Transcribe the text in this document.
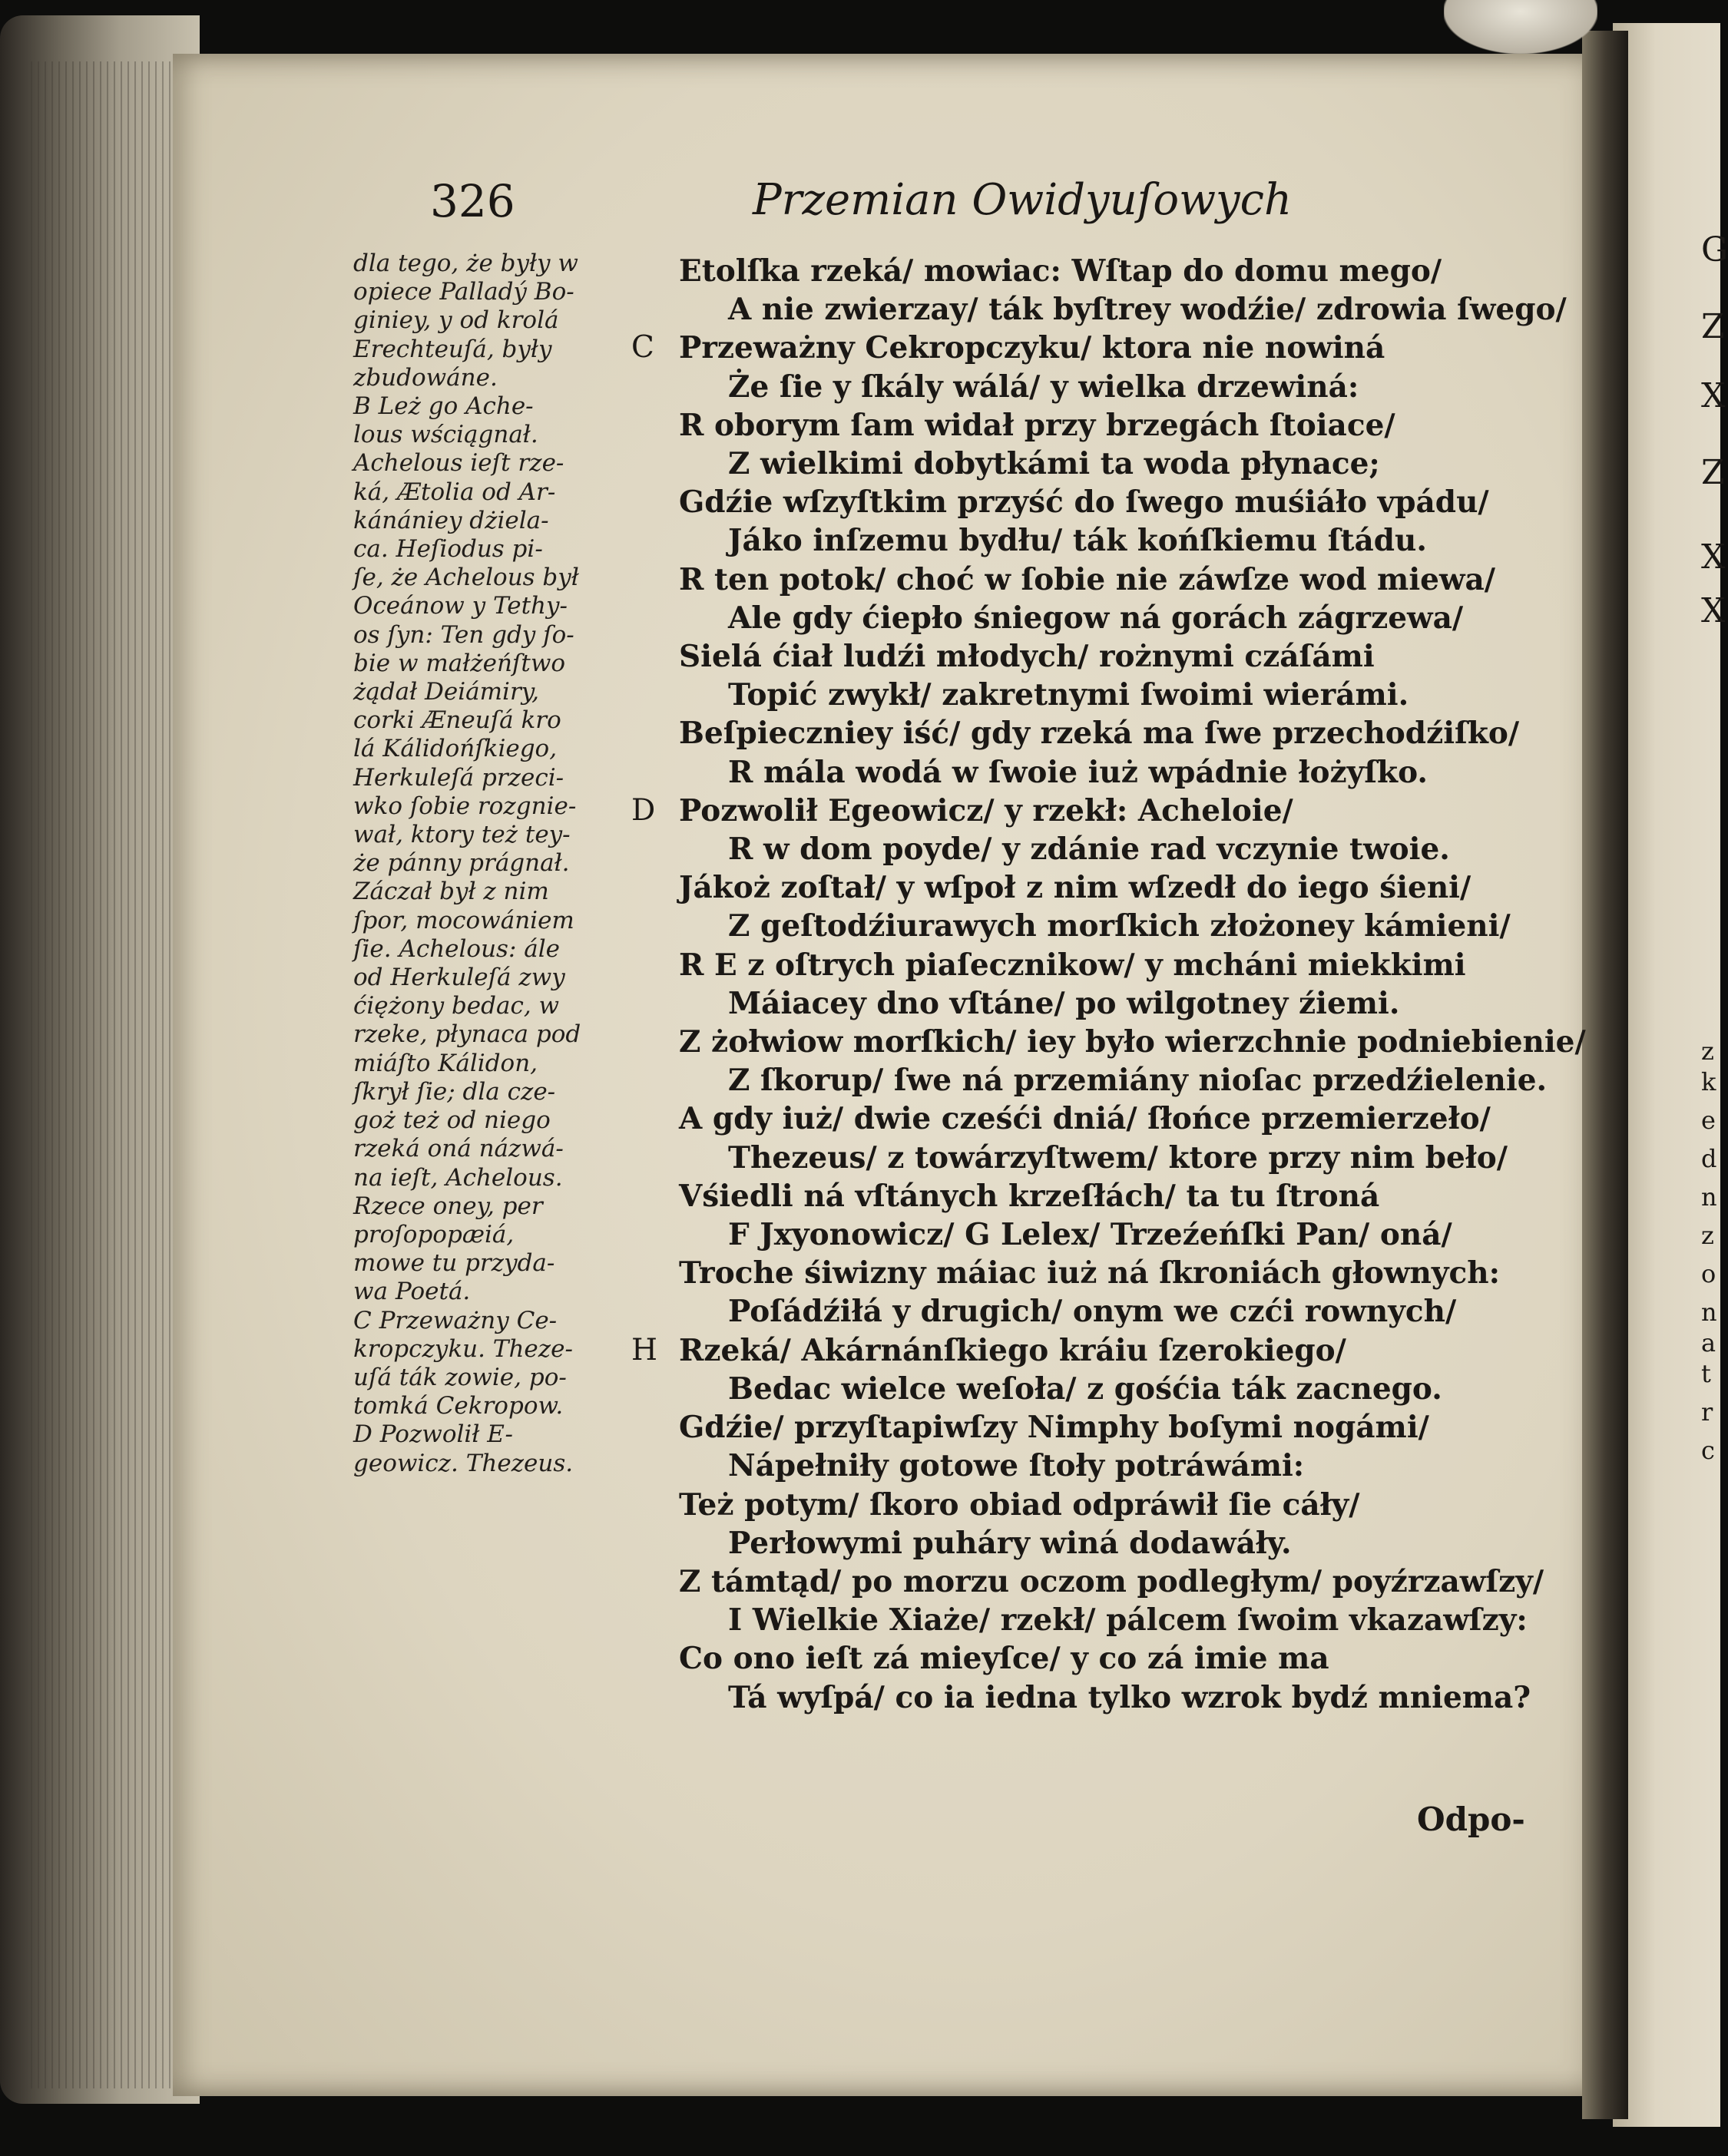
326	Przemian Owidyuſowych
dla tego, że były w
opiece Palladý Bo-
giniey, y od krolá
Erechteuſá, były
zbudowáne.
B Leż go Ache-
lous wściągnał.
Achelous ieſt rze-
ká, Ætolia od Ar-
kánániey dżiela-
ca. Heſiodus pi-
ſe, że Achelous był
Oceánow y Tethy-
os ſyn: Ten gdy ſo-
bie w małżeńſtwo
żądał Deiámiry,
corki Æneuſá kro
lá Kálidońſkiego,
Herkuleſá przeci-
wko ſobie rozgnie-
wał, ktory też tey-
że pánny prágnał.
Záczał był z nim
ſpor, mocowániem
ſie. Achelous: ále
od Herkuleſá zwy
ćiężony bedac, w
rzeke, płynaca pod
miáſto Kálidon,
ſkrył ſie; dla cze-
goż też od niego
rzeká oná názwá-
na ieſt, Achelous.
Rzece oney, per
proſopopæiá,
mowe tu przyda-
wa Poetá.
C Przeważny Ce-
kropczyku. Theze-
uſá ták zowie, po-
tomká Cekropow.
D Pozwolił E-
geowicz. Thezeus.
Etolſka rzeká/ mowiac: Wſtap do domu mego/
A nie zwierzay/ ták byſtrey wodźie/ zdrowia ſwego/
C Przeważny Cekropczyku/ ktora nie nowiná
Że ſie y ſkály wálá/ y wielka drzewiná:
R oborym ſam widał przy brzegách ſtoiace/
Z wielkimi dobytkámi ta woda płynace;
Gdźie wſzyſtkim przyść do ſwego muśiáło vpádu/
Jáko inſzemu bydłu/ ták końſkiemu ſtádu.
R ten potok/ choć w ſobie nie záwſze wod miewa/
Ale gdy ćiepło śniegow ná gorách zágrzewa/
Sielá ćiał ludźi młodych/ rożnymi czáſámi
Topić zwykł/ zakretnymi ſwoimi wierámi.
Beſpieczniey iść/ gdy rzeká ma ſwe przechodźiſko/
R mála wodá w ſwoie iuż wpádnie łożyſko.
D Pozwolił Egeowicz/ y rzekł: Acheloie/
R w dom poyde/ y zdánie rad vczynie twoie.
Jákoż zoſtał/ y wſpoł z nim wſzedł do iego śieni/
Z geſtodźiurawych morſkich złożoney kámieni/
R E z oſtrych piaſecznikow/ y mcháni miekkimi
Máiacey dno vſtáne/ po wilgotney źiemi.
Z żołwiow morſkich/ iey było wierzchnie podniebienie/
Z ſkorup/ ſwe ná przemiány nioſac przedźielenie.
A gdy iuż/ dwie cześći dniá/ ſłońce przemierzeło/
Thezeus/ z towárzyſtwem/ ktore przy nim beło/
Vśiedli ná vſtánych krzeſłách/ ta tu ſtroná
F Jxyonowicz/ G Lelex/ Trzeźeńſki Pan/ oná/
Troche śiwizny máiac iuż ná ſkroniách głownych:
Poſádźiłá y drugich/ onym we czći rownych/
H Rzeká/ Akárnánſkiego kráiu ſzerokiego/
Bedac wielce weſoła/ z gośćia ták zacnego.
Gdźie/ przyſtapiwſzy Nimphy boſymi nogámi/
Nápełniły gotowe ſtoły potráwámi:
Też potym/ ſkoro obiad odpráwił ſie cáły/
Perłowymi puháry winá dodawáły.
Z támtąd/ po morzu oczom podległym/ poyźrzawſzy/
I Wielkie Xiaże/ rzekł/ pálcem ſwoim vkazawſzy:
Co ono ieſt zá mieyſce/ y co zá imie ma
Tá wyſpá/ co ia iedna tylko wzrok bydź mniema?
Odpo-
G
Z
X
Z
X
X
z
k
e
d
n
z
o
n
a
t
r
c
